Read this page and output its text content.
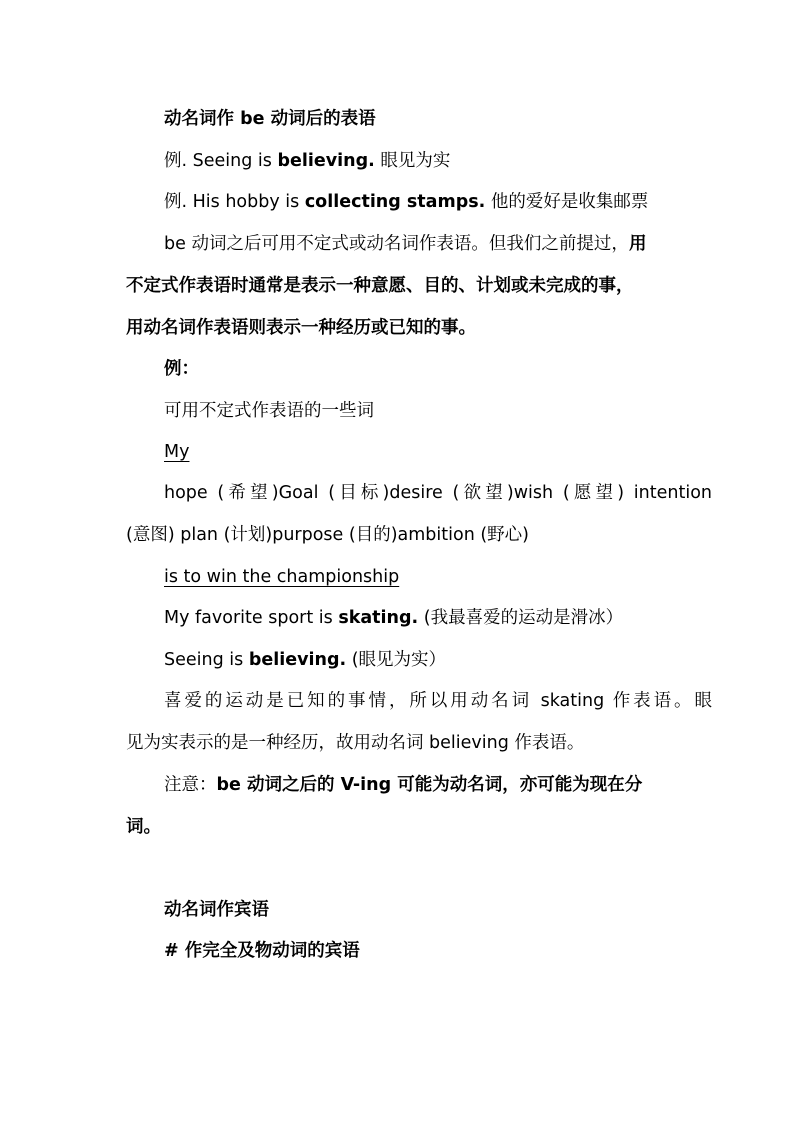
动名词作 be 动词后的表语
例. Seeing is believing. 眼见为实
例. His hobby is collecting stamps. 他的爱好是收集邮票
be 动词之后可用不定式或动名词作表语。但我们之前提过，用
不定式作表语时通常是表示一种意愿、目的、计划或未完成的事，
用动名词作表语则表示一种经历或已知的事。
例：
可用不定式作表语的一些词
My
hope (希望)Goal (目标)desire (欲望)wish (愿望) intention
(意图) plan (计划)purpose (目的)ambition (野心)
is to win the championship
My favorite sport is skating. (我最喜爱的运动是滑冰）
Seeing is believing. (眼见为实）
喜爱的运动是已知的事情，所以用动名词 skating 作表语。眼
见为实表示的是一种经历，故用动名词 believing 作表语。
注意：be 动词之后的 V-ing 可能为动名词，亦可能为现在分
词。
动名词作宾语
# 作完全及物动词的宾语
